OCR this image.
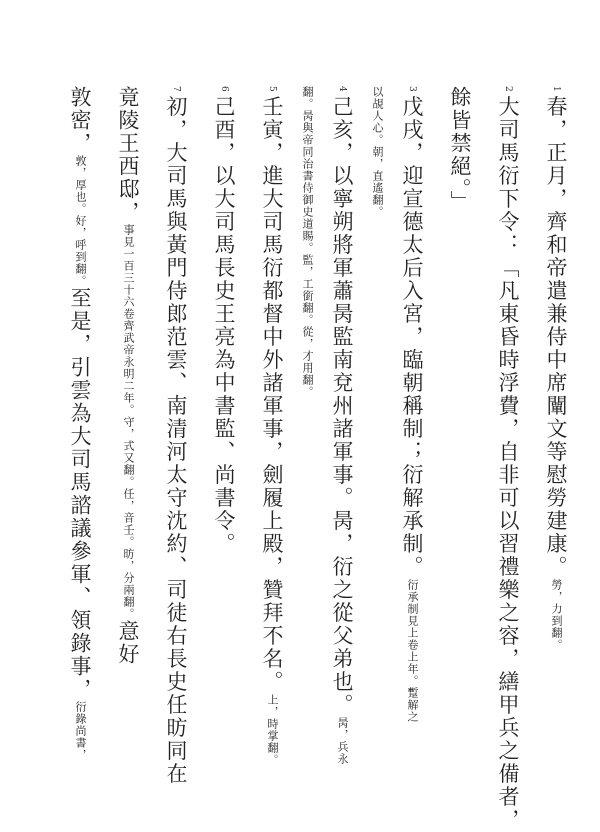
1春，正月，齊和帝遣兼侍中席闡文等慰勞建康。勞，力到翻。
2大司馬衍下令：「凡東昏時浮費，自非可以習禮樂之容，繕甲兵之備者，
餘皆禁絕。」
3戊戌，迎宣德太后入宮，臨朝稱制；衍解承制。衍承制見上卷上年。蹔解之
以覘人心。朝，直遙翻。
4己亥，以寧朔將軍蕭昺監南兗州諸軍事。昺，衍之從父弟也。昺，兵永
翻。昺與帝同治書侍御史道賜。監，工銜翻。從，才用翻。
5壬寅，進大司馬衍都督中外諸軍事，劍履上殿，贊拜不名。上，時掌翻。
6己酉，以大司馬長史王亮為中書監、尚書令。
7初，大司馬與黃門侍郎范雲、南清河太守沈約、司徒右長史任昉同在
竟陵王西邸，事見一百三十六卷齊武帝永明二年。守，式又翻。任，音壬。昉，分兩翻。意好
敦密，敦，厚也。好，呼到翻。至是，引雲為大司馬諮議參軍、領錄事，衍錄尚書，
